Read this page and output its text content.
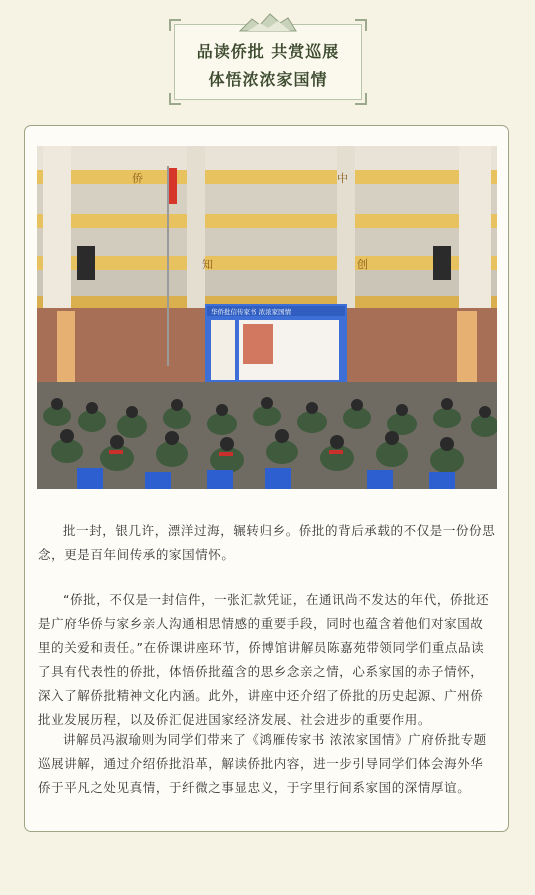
品读侨批 共赏巡展
体悟浓浓家国情
侨	中
知	创
华侨批信传家书 浓浓家国情

批一封，银几许，漂洋过海，辗转归乡。侨批的背后承载的不仅是一份份思念，更是百年间传承的家国情怀。

“侨批，不仅是一封信件，一张汇款凭证，在通讯尚不发达的年代，侨批还是广府华侨与家乡亲人沟通相思情感的重要手段，同时也蕴含着他们对家国故里的关爱和责任。”在侨课讲座环节，侨博馆讲解员陈嘉苑带领同学们重点品读了具有代表性的侨批，体悟侨批蕴含的思乡念亲之情，心系家国的赤子情怀，深入了解侨批精神文化内涵。此外，讲座中还介绍了侨批的历史起源、广州侨批业发展历程，以及侨汇促进国家经济发展、社会进步的重要作用。

讲解员冯淑瑜则为同学们带来了《鸿雁传家书 浓浓家国情》广府侨批专题巡展讲解，通过介绍侨批沿革，解读侨批内容，进一步引导同学们体会海外华侨于平凡之处见真情，于纤微之事显忠义，于字里行间系家国的深情厚谊。
